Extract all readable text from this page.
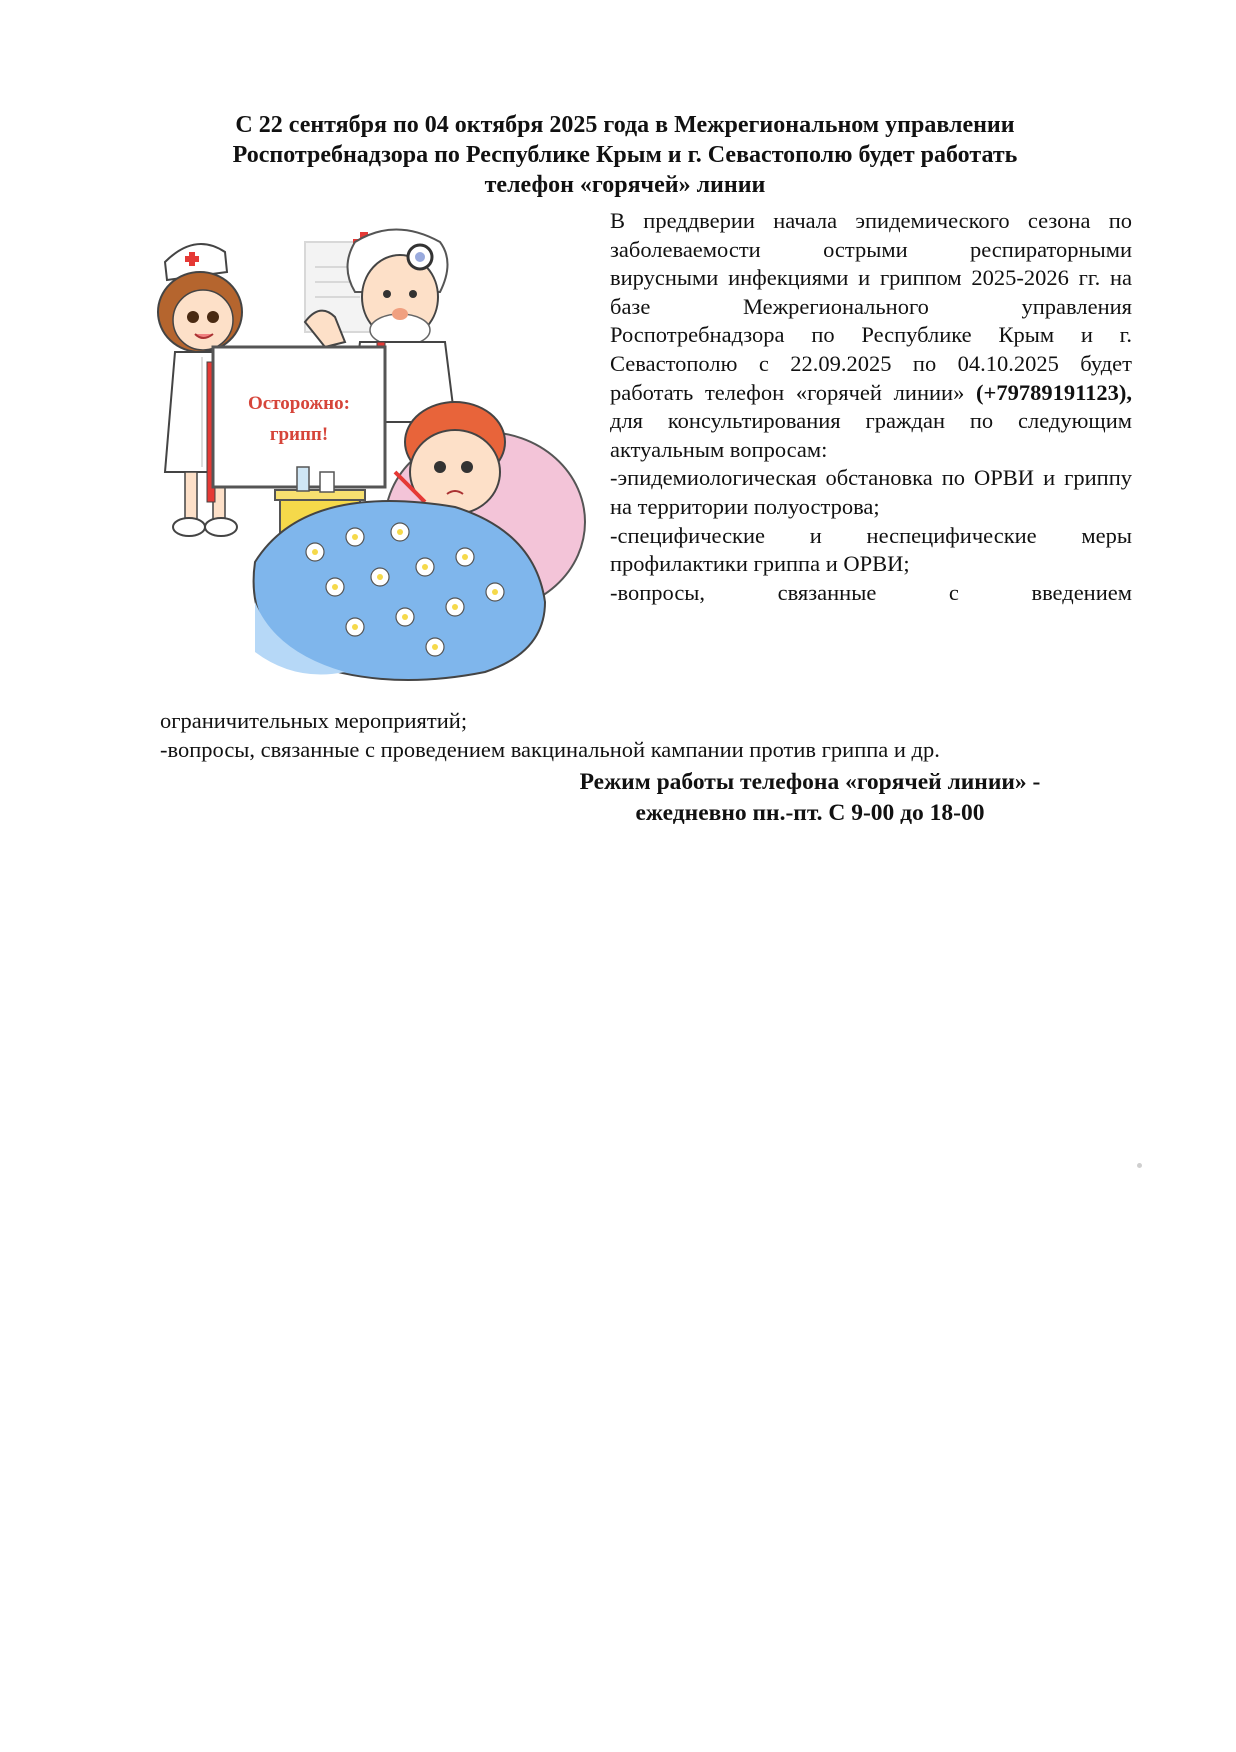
С 22 сентября по 04 октября 2025 года в Межрегиональном управлении
Роспотребнадзора по Республике Крым и г. Севастополю будет работать
телефон «горячей» линии
Осторожно:
грипп!

В преддверии начала эпидемического сезона по заболеваемости острыми респираторными вирусными инфекциями и гриппом 2025-2026 гг. на базе Межрегионального управления Роспотребнадзора по Республике Крым и г. Севастополю с 22.09.2025 по 04.10.2025 будет работать телефон «горячей линии» (+79789191123), для консультирования граждан по следующим актуальным вопросам:

-эпидемиологическая обстановка по ОРВИ и гриппу на территории полуострова;

-специфические и неспецифические меры профилактики гриппа и ОРВИ;

-вопросы, связанные с введением

ограничительных мероприятий;
-вопросы, связанные с проведением вакцинальной кампании против гриппа и др.
Режим работы телефона «горячей линии» -
ежедневно пн.-пт. С 9-00 до 18-00
